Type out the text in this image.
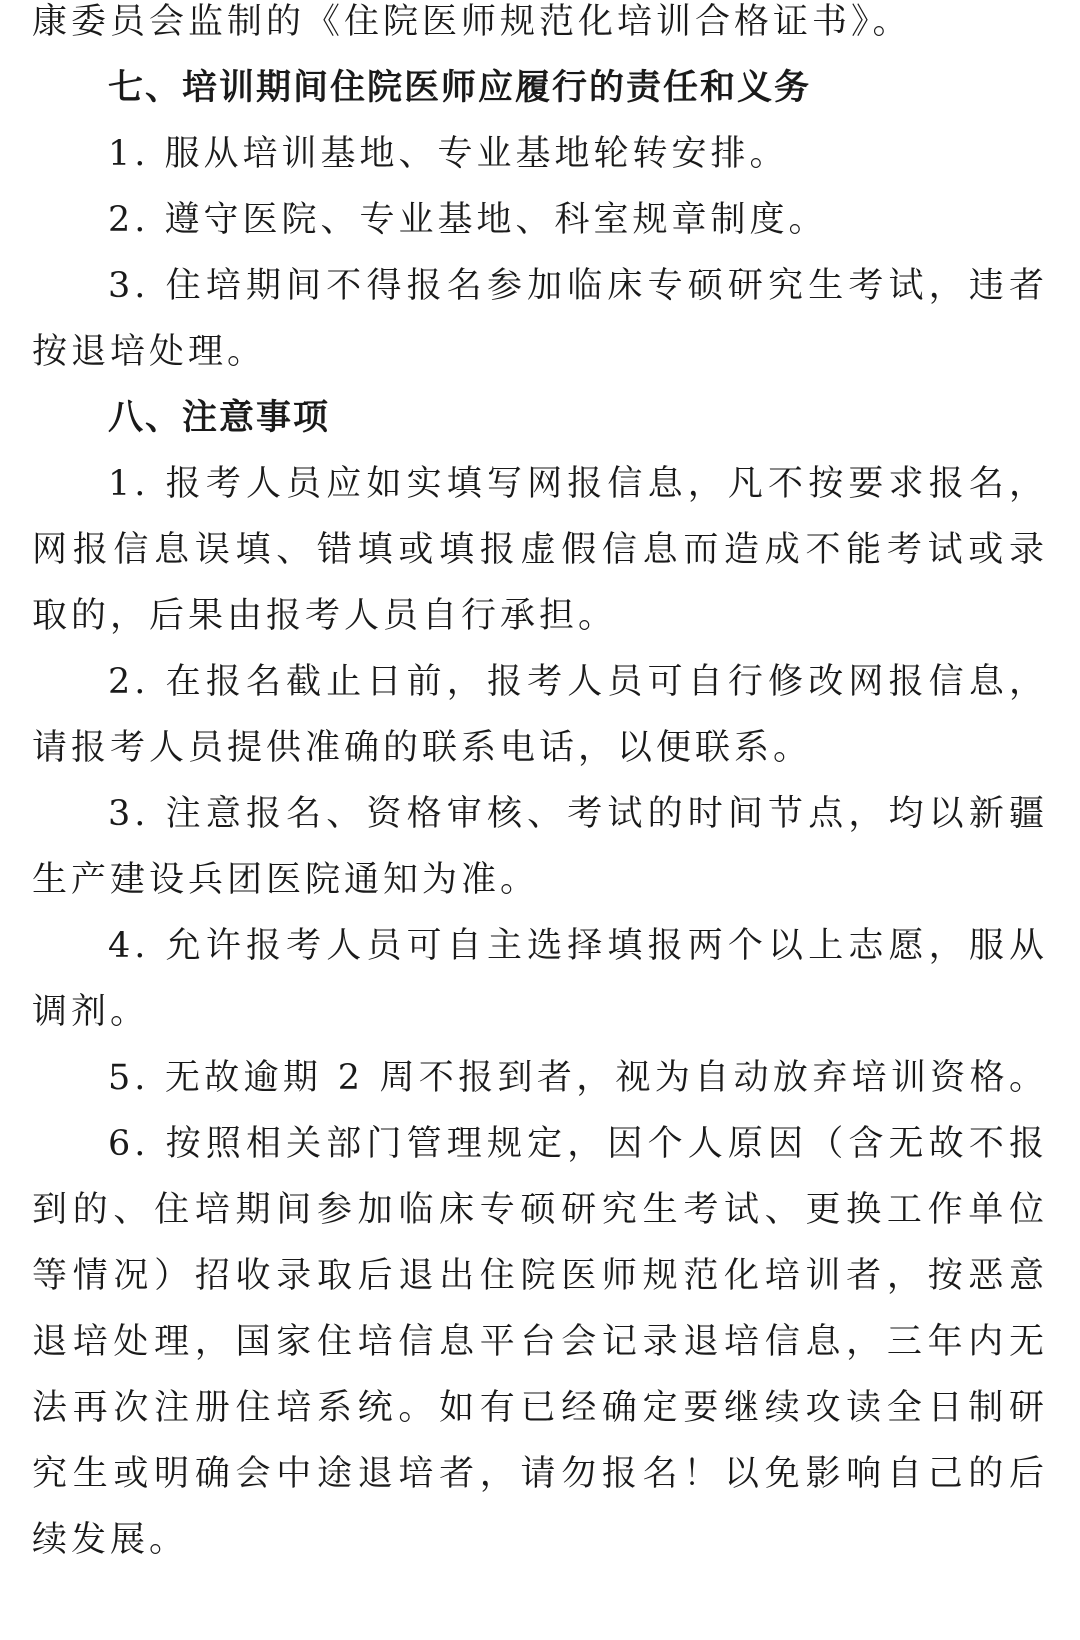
康委员会监制的《住院医师规范化培训合格证书》。
七、培训期间住院医师应履行的责任和义务
1. 服从培训基地、专业基地轮转安排。
2. 遵守医院、专业基地、科室规章制度。
3. 住培期间不得报名参加临床专硕研究生考试，违者
按退培处理。
八、注意事项
1. 报考人员应如实填写网报信息，凡不按要求报名，
网报信息误填、错填或填报虚假信息而造成不能考试或录
取的，后果由报考人员自行承担。
2. 在报名截止日前，报考人员可自行修改网报信息，
请报考人员提供准确的联系电话，以便联系。
3. 注意报名、资格审核、考试的时间节点，均以新疆
生产建设兵团医院通知为准。
4. 允许报考人员可自主选择填报两个以上志愿，服从
调剂。
5. 无故逾期 2 周不报到者，视为自动放弃培训资格。
6. 按照相关部门管理规定，因个人原因（含无故不报
到的、住培期间参加临床专硕研究生考试、更换工作单位
等情况）招收录取后退出住院医师规范化培训者，按恶意
退培处理，国家住培信息平台会记录退培信息，三年内无
法再次注册住培系统。如有已经确定要继续攻读全日制研
究生或明确会中途退培者，请勿报名！以免影响自己的后
续发展。
